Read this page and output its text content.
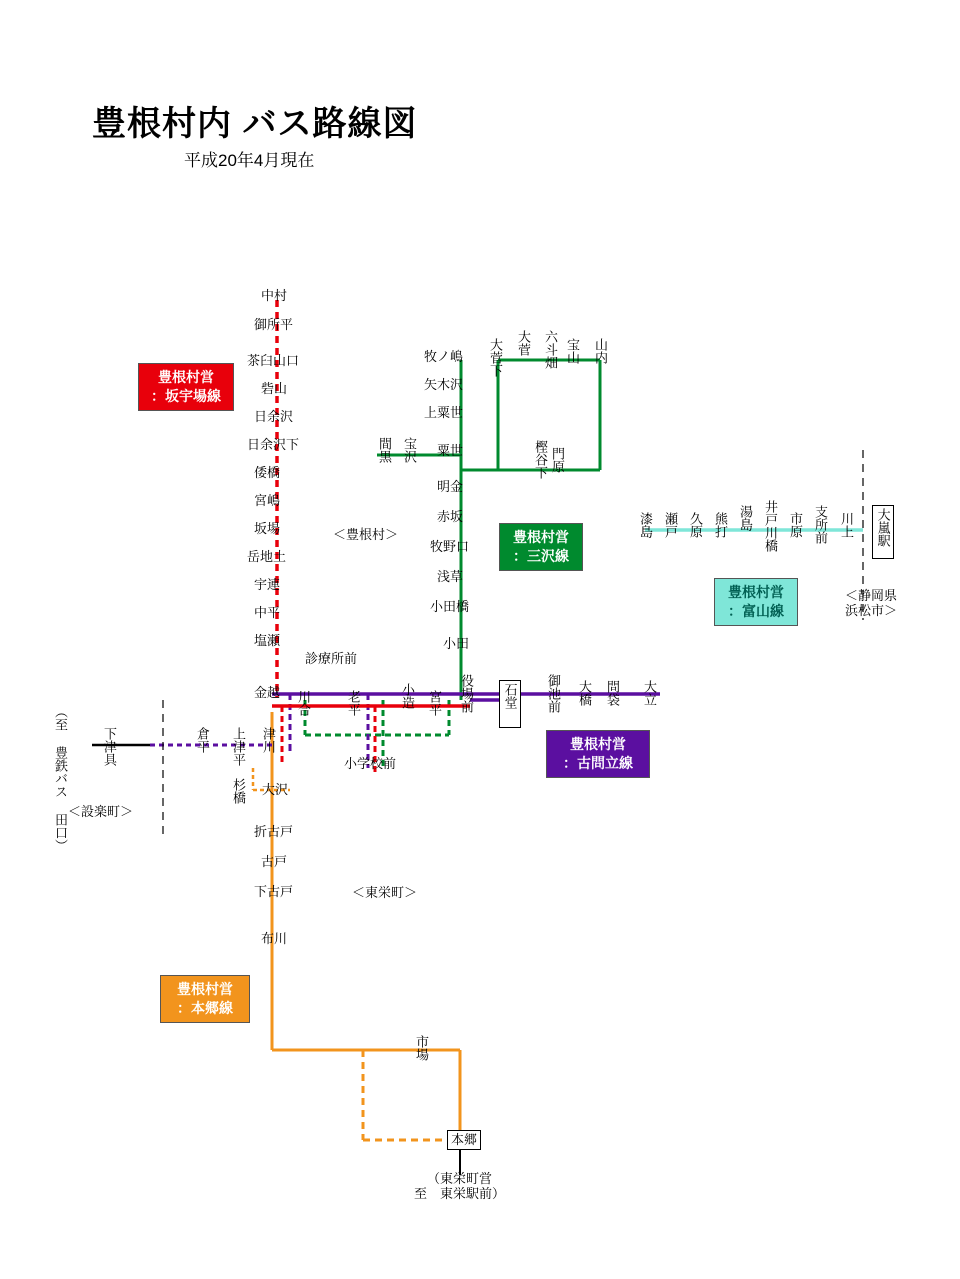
豊根村内 バス路線図
平成20年4月現在
豊根村営
：坂宇場線
豊根村営
：三沢線
豊根村営
：富山線
豊根村営
：古問立線
豊根村営
：本郷線
＜豊根村＞
＜設楽町＞
＜東栄町＞
＜静岡県
浜松市＞
（至 豊鉄バス 田口）
（東栄町営
至　東栄駅前）
中村
御所平
茶臼山口
砦山
日余沢
日余沢下
倭橋
宮嶋
坂場
岳地土
宇連
中平
塩瀬
金越
牧ノ嶋
矢木沢
上粟世
粟世
明金
赤坂
牧野口
浅草
小田橋
小田
大菅下 大菅 六斗畑 宝山 山内
樫谷下 門原
間黒 宝沢
漆島 瀬戸 久原 熊打 湯島 井戸川橋 市原 支所前 川上 大嵐駅
診療所前
川合	老平	小造 宮平 役場前 石堂 御池前 大橋 問袋 大立
小学校前
上津平 津川
倉平
下津具
杉橋 大沢
折古戸
古戸
下古戸
布川
市場
本郷
